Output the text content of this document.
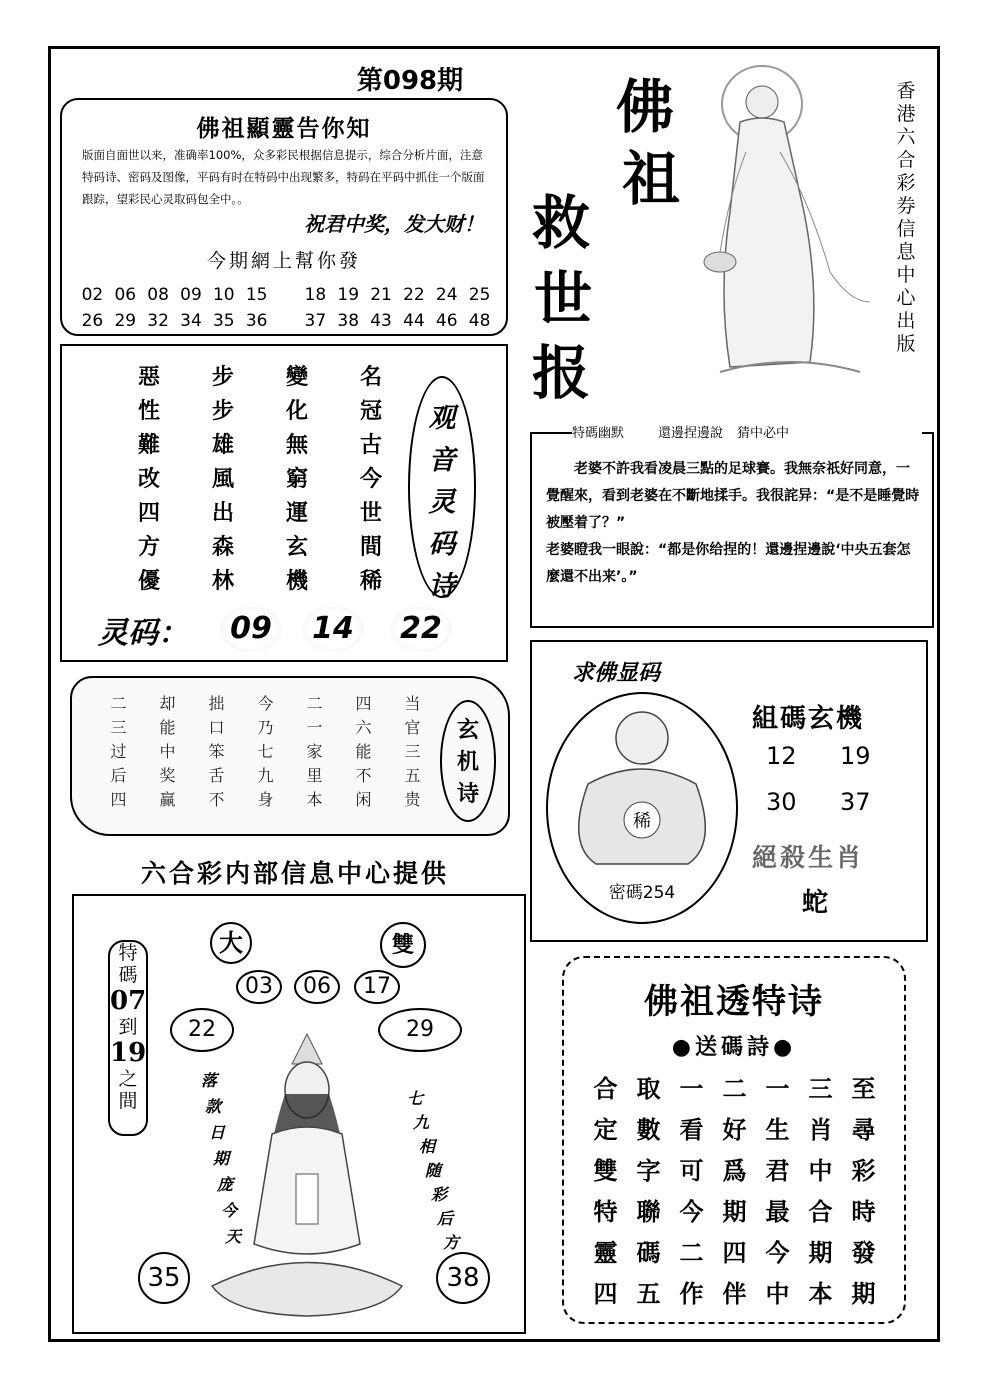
第098期
佛祖顯靈告你知
版面自面世以来，准确率100%，众多彩民根据信息提示，综合分析片面，注意特码诗、密码及图像，平码有时在特码中出现繁多，特码在平码中抓住一个版面跟踪，望彩民心灵取码包全中。。
祝君中奖，发大财！
今期網上幫你發
02 06 08 09 10 15	18 19 21 22 24 25
26 29 32 34 35 36	37 38 43 44 46 48
佛
祖
救
世
报
香
港
六
合
彩
券
信
息
中
心
出
版
惡	步	變	名
性	步	化	冠
難	雄	無	古
改	風	窮	今
四	出	運	世
方	森	玄	間
優	林	機	稀
观
音
灵
码
诗
灵码：	09	14	22
特碼幽默	還邊捏邊說 猜中必中
老婆不許我看凌晨三點的足球賽。我無奈祇好同意，一覺醒來，看到老婆在不斷地揉手。我很詫异：“是不是睡覺時被壓着了？”
老婆瞪我一眼說：“都是你给捏的！還邊捏邊說‘中央五套怎麼還不出来’。”
二	却	拙	今	二	四	当
三	能	口	乃	一	六	官
过	中	笨	七	家	能	三
后	奖	舌	九	里	不	五
四	赢	不	身	本	闲	贵
玄
机
诗
六合彩内部信息中心提供
求佛显码
稀
密碼254
組碼玄機
12 19
30 37
絕殺生肖
蛇
大	雙
03	06	17
22	29
35	38
特
碼
07
到
19
之
間
落
款
日
期
庞
今
天
七
九
相
随
彩
后
方
佛祖透特诗
●送碼詩●
合 取 一 二 一 三 至
定 數 看 好 生 肖 尋
雙 字 可 爲 君 中 彩
特 聯 今 期 最 合 時
靈 碼 二 四 今 期 發
四 五 作 伴 中 本 期
